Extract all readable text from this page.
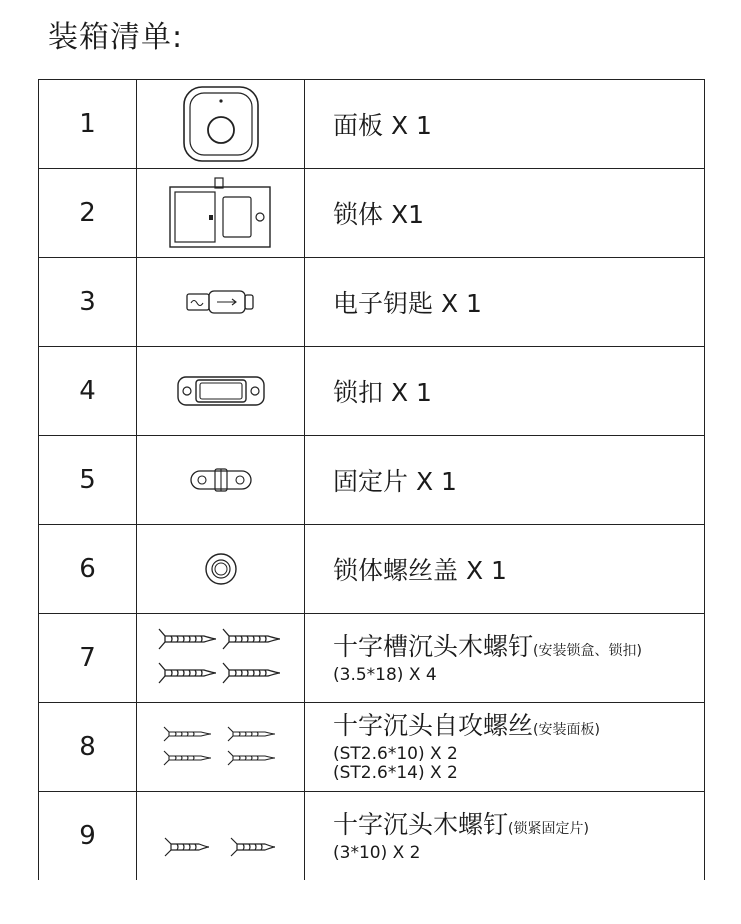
装箱清单:
1		面板 X 1
2		锁体 X1
3		电子钥匙 X 1
4		锁扣 X 1
5		固定片 X 1
6		锁体螺丝盖 X 1
7		十字槽沉头木螺钉(安装锁盒、锁扣)
(3.5*18) X 4

8		十字沉头自攻螺丝(安装面板)
(ST2.6*10) X 2
(ST2.6*14) X 2

9		十字沉头木螺钉(锁紧固定片)
(3*10) X 2
